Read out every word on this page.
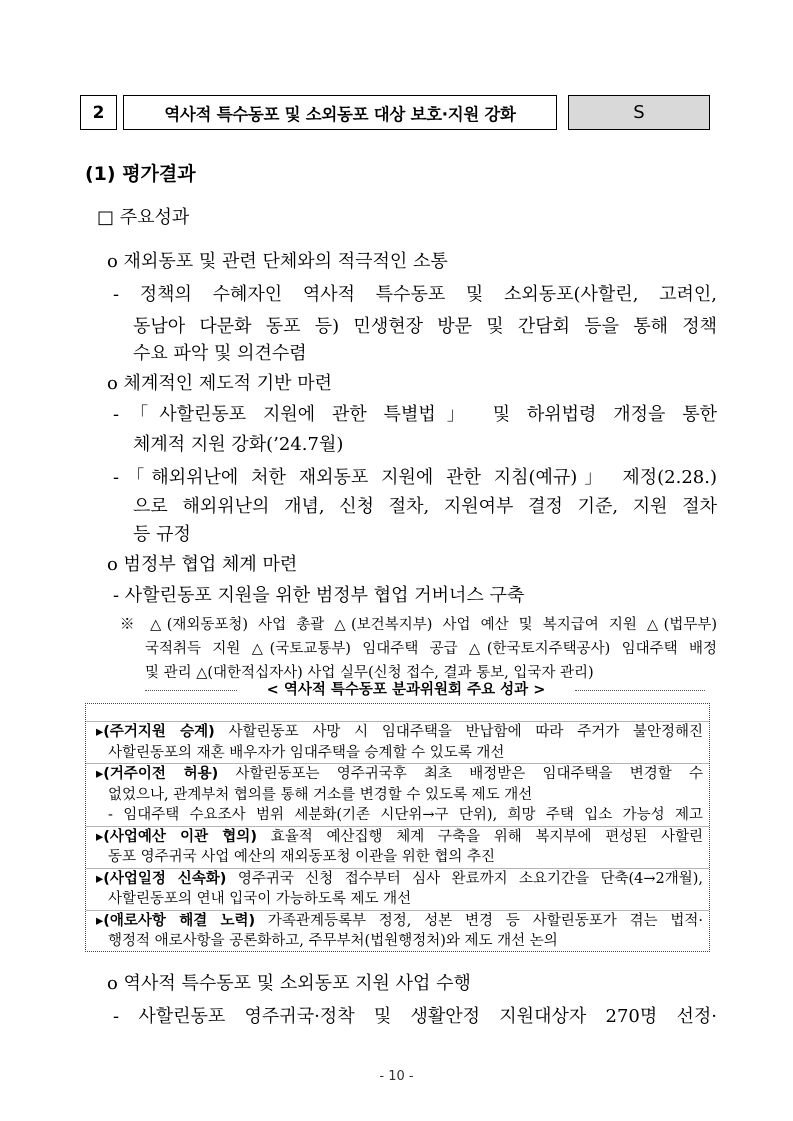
2	역사적 특수동포 및 소외동포 대상 보호·지원 강화	S
(1) 평가결과
□ 주요성과
ο 재외동포 및 관련 단체와의 적극적인 소통
- 정책의 수혜자인 역사적 특수동포 및 소외동포(사할린, 고려인,
동남아 다문화 동포 등) 민생현장 방문 및 간담회 등을 통해 정책
수요 파악 및 의견수렴
ο 체계적인 제도적 기반 마련
-「사할린동포 지원에 관한 특별법」 및 하위법령 개정을 통한
체계적 지원 강화(’24.7월)
-「해외위난에 처한 재외동포 지원에 관한 지침(예규)」 제정(2.28.)
으로 해외위난의 개념, 신청 절차, 지원여부 결정 기준, 지원 절차
등 규정
ο 범정부 협업 체계 마련
- 사할린동포 지원을 위한 범정부 협업 거버너스 구축
※ △(재외동포청) 사업 총괄 △(보건복지부) 사업 예산 및 복지급여 지원 △(법무부)
국적취득 지원 △(국토교통부) 임대주택 공급 △(한국토지주택공사) 임대주택 배정
및 관리 △(대한적십자사) 사업 실무(신청 접수, 결과 통보, 입국자 관리)
< 역사적 특수동포 분과위원회 주요 성과 >
▸(주거지원 승계) 사할린동포 사망 시 임대주택을 반납함에 따라 주거가 불안정해진
사할린동포의 재혼 배우자가 임대주택을 승계할 수 있도록 개선
▸(거주이전 허용) 사할린동포는 영주귀국후 최초 배정받은 임대주택을 변경할 수
없었으나, 관계부처 협의를 통해 거소를 변경할 수 있도록 제도 개선
- 임대주택 수요조사 범위 세분화(기존 시단위→구 단위), 희망 주택 입소 가능성 제고
▸(사업예산 이관 협의) 효율적 예산집행 체계 구축을 위해 복지부에 편성된 사할린
동포 영주귀국 사업 예산의 재외동포청 이관을 위한 협의 추진
▸(사업일정 신속화) 영주귀국 신청 접수부터 심사 완료까지 소요기간을 단축(4→2개월),
사할린동포의 연내 입국이 가능하도록 제도 개선
▸(애로사항 해결 노력) 가족관계등록부 정정, 성본 변경 등 사할린동포가 겪는 법적·
행정적 애로사항을 공론화하고, 주무부처(법원행정처)와 제도 개선 논의
ο 역사적 특수동포 및 소외동포 지원 사업 수행
- 사할린동포 영주귀국·정착 및 생활안정 지원대상자 270명 선정·
- 10 -
